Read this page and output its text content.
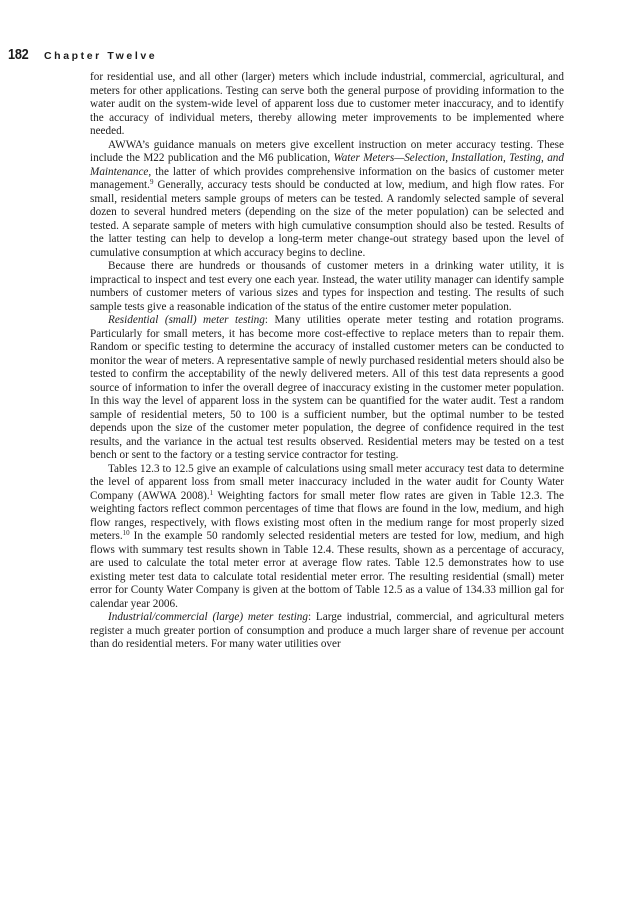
182 Chapter Twelve

for residential use, and all other (larger) meters which include industrial, commercial, agricultural, and meters for other applications. Testing can serve both the general purpose of providing information to the water audit on the system-wide level of apparent loss due to customer meter inaccuracy, and to identify the accuracy of individual meters, thereby allowing meter improvements to be implemented where needed.

AWWA’s guidance manuals on meters give excellent instruction on meter accuracy testing. These include the M22 publication and the M6 publication, Water Meters—Selection, Installation, Testing, and Maintenance, the latter of which provides comprehensive information on the basics of customer meter management.$^9$ Generally, accuracy tests should be conducted at low, medium, and high flow rates. For small, residential meters sample groups of meters can be tested. A randomly selected sample of several dozen to several hundred meters (depending on the size of the meter population) can be selected and tested. A separate sample of meters with high cumulative consumption should also be tested. Results of the latter testing can help to develop a long-term meter change-out strategy based upon the level of cumulative consumption at which accuracy begins to decline.

Because there are hundreds or thousands of customer meters in a drinking water utility, it is impractical to inspect and test every one each year. Instead, the water utility manager can identify sample numbers of customer meters of various sizes and types for inspection and testing. The results of such sample tests give a reasonable indication of the status of the entire customer meter population.

Residential (small) meter testing: Many utilities operate meter testing and rotation programs. Particularly for small meters, it has become more cost-effective to replace meters than to repair them. Random or specific testing to determine the accuracy of installed customer meters can be conducted to monitor the wear of meters. A representative sample of newly purchased residential meters should also be tested to confirm the acceptability of the newly delivered meters. All of this test data represents a good source of information to infer the overall degree of inaccuracy existing in the customer meter population. In this way the level of apparent loss in the system can be quantified for the water audit. Test a random sample of residential meters, 50 to 100 is a sufficient number, but the optimal number to be tested depends upon the size of the customer meter population, the degree of confidence required in the test results, and the variance in the actual test results observed. Residential meters may be tested on a test bench or sent to the factory or a testing service contractor for testing.

Tables 12.3 to 12.5 give an example of calculations using small meter accuracy test data to determine the level of apparent loss from small meter inaccuracy included in the water audit for County Water Company (AWWA 2008).$^1$ Weighting factors for small meter flow rates are given in Table 12.3. The weighting factors reflect common percentages of time that flows are found in the low, medium, and high flow ranges, respectively, with flows existing most often in the medium range for most properly sized meters.$^{10}$ In the example 50 randomly selected residential meters are tested for low, medium, and high flows with summary test results shown in Table 12.4. These results, shown as a percentage of accuracy, are used to calculate the total meter error at average flow rates. Table 12.5 demonstrates how to use existing meter test data to calculate total residential meter error. The resulting residential (small) meter error for County Water Company is given at the bottom of Table 12.5 as a value of 134.33 million gal for calendar year 2006.

Industrial/commercial (large) meter testing: Large industrial, commercial, and agricultural meters register a much greater portion of consumption and produce a much larger share of revenue per account than do residential meters. For many water utilities over
